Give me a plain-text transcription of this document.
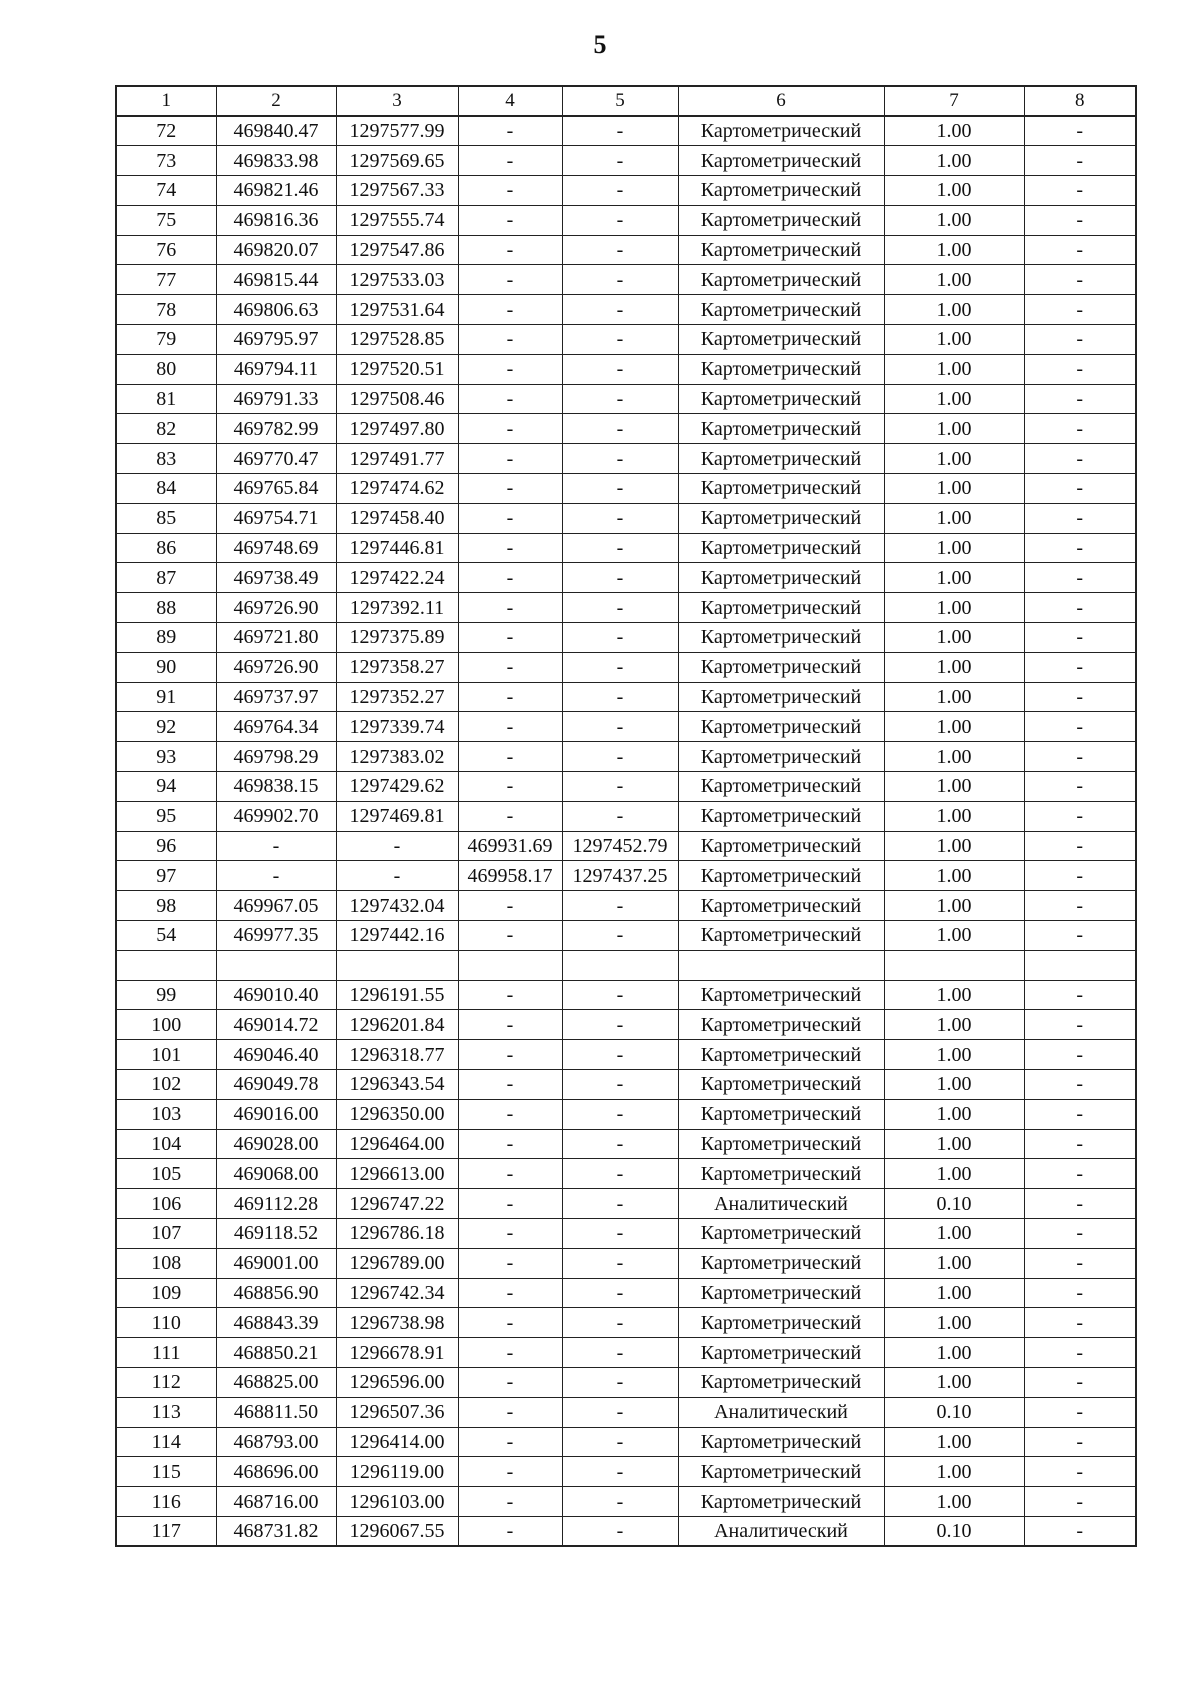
5
1	2	3	4	5	6	7	8
72	469840.47	1297577.99	-	-	Картометрический	1.00	-
73	469833.98	1297569.65	-	-	Картометрический	1.00	-
74	469821.46	1297567.33	-	-	Картометрический	1.00	-
75	469816.36	1297555.74	-	-	Картометрический	1.00	-
76	469820.07	1297547.86	-	-	Картометрический	1.00	-
77	469815.44	1297533.03	-	-	Картометрический	1.00	-
78	469806.63	1297531.64	-	-	Картометрический	1.00	-
79	469795.97	1297528.85	-	-	Картометрический	1.00	-
80	469794.11	1297520.51	-	-	Картометрический	1.00	-
81	469791.33	1297508.46	-	-	Картометрический	1.00	-
82	469782.99	1297497.80	-	-	Картометрический	1.00	-
83	469770.47	1297491.77	-	-	Картометрический	1.00	-
84	469765.84	1297474.62	-	-	Картометрический	1.00	-
85	469754.71	1297458.40	-	-	Картометрический	1.00	-
86	469748.69	1297446.81	-	-	Картометрический	1.00	-
87	469738.49	1297422.24	-	-	Картометрический	1.00	-
88	469726.90	1297392.11	-	-	Картометрический	1.00	-
89	469721.80	1297375.89	-	-	Картометрический	1.00	-
90	469726.90	1297358.27	-	-	Картометрический	1.00	-
91	469737.97	1297352.27	-	-	Картометрический	1.00	-
92	469764.34	1297339.74	-	-	Картометрический	1.00	-
93	469798.29	1297383.02	-	-	Картометрический	1.00	-
94	469838.15	1297429.62	-	-	Картометрический	1.00	-
95	469902.70	1297469.81	-	-	Картометрический	1.00	-
96	-	-	469931.69	1297452.79	Картометрический	1.00	-
97	-	-	469958.17	1297437.25	Картометрический	1.00	-
98	469967.05	1297432.04	-	-	Картометрический	1.00	-
54	469977.35	1297442.16	-	-	Картометрический	1.00	-

99	469010.40	1296191.55	-	-	Картометрический	1.00	-
100	469014.72	1296201.84	-	-	Картометрический	1.00	-
101	469046.40	1296318.77	-	-	Картометрический	1.00	-
102	469049.78	1296343.54	-	-	Картометрический	1.00	-
103	469016.00	1296350.00	-	-	Картометрический	1.00	-
104	469028.00	1296464.00	-	-	Картометрический	1.00	-
105	469068.00	1296613.00	-	-	Картометрический	1.00	-
106	469112.28	1296747.22	-	-	Аналитический	0.10	-
107	469118.52	1296786.18	-	-	Картометрический	1.00	-
108	469001.00	1296789.00	-	-	Картометрический	1.00	-
109	468856.90	1296742.34	-	-	Картометрический	1.00	-
110	468843.39	1296738.98	-	-	Картометрический	1.00	-
111	468850.21	1296678.91	-	-	Картометрический	1.00	-
112	468825.00	1296596.00	-	-	Картометрический	1.00	-
113	468811.50	1296507.36	-	-	Аналитический	0.10	-
114	468793.00	1296414.00	-	-	Картометрический	1.00	-
115	468696.00	1296119.00	-	-	Картометрический	1.00	-
116	468716.00	1296103.00	-	-	Картометрический	1.00	-
117	468731.82	1296067.55	-	-	Аналитический	0.10	-
